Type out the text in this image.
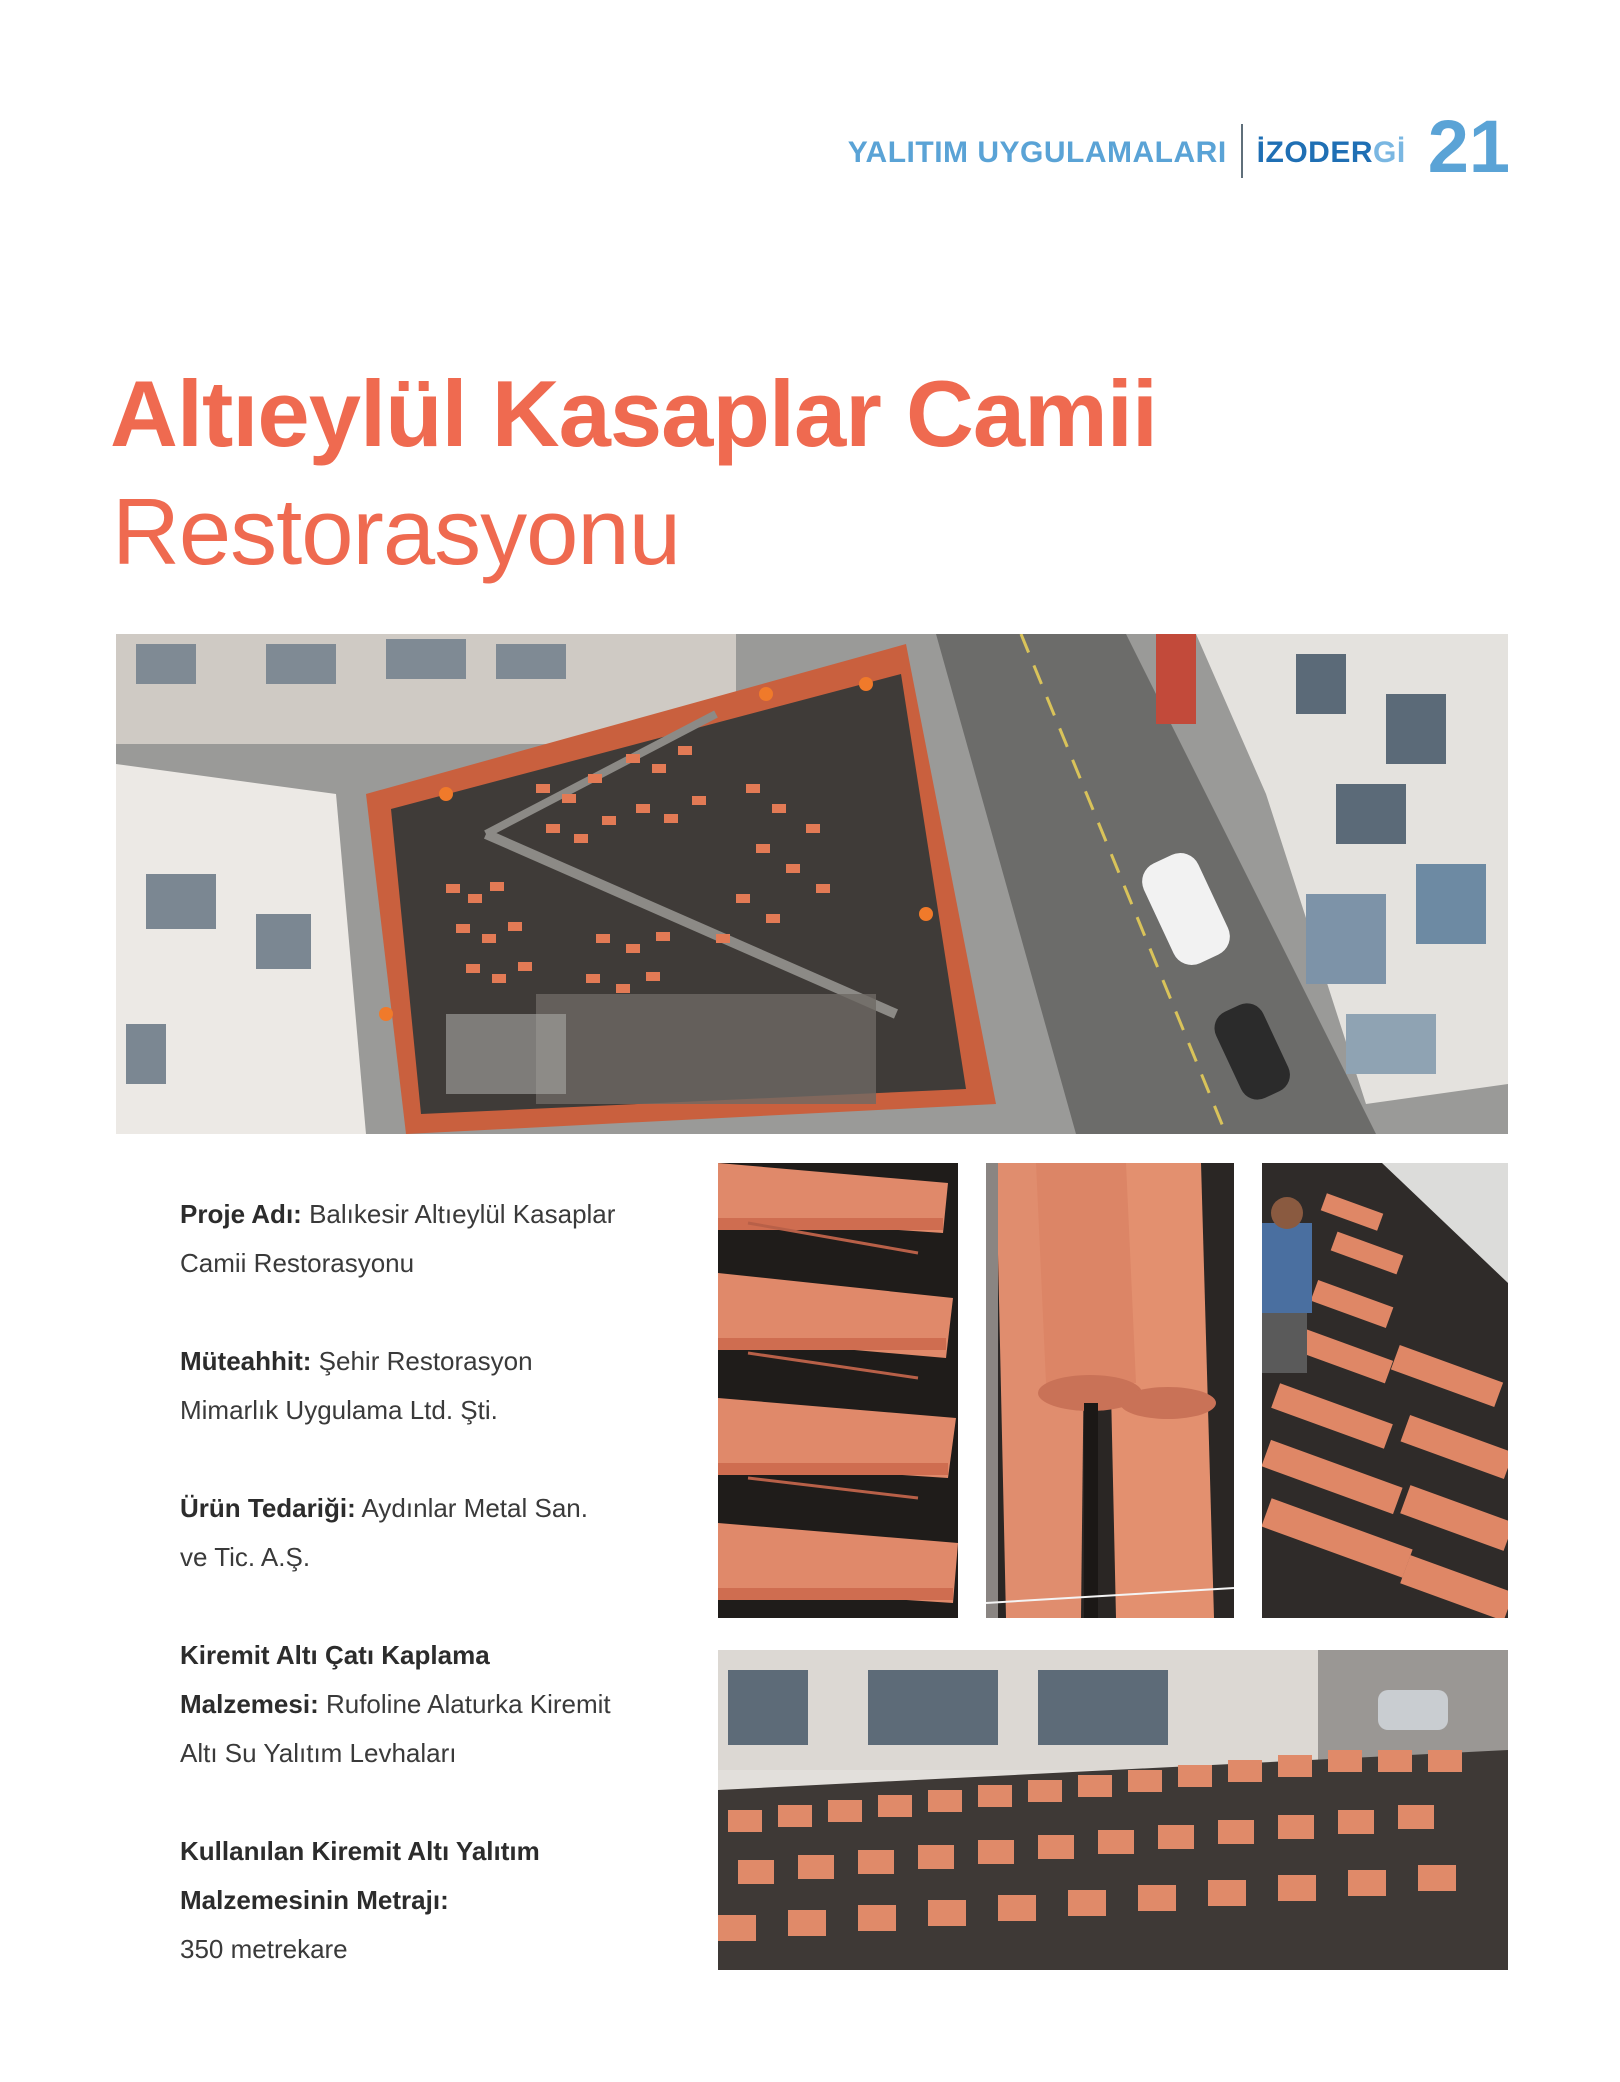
YALITIM UYGULAMALARI İZODERGİ 21
Altıeylül Kasaplar Camii
Restorasyonu

Proje Adı: Balıkesir Altıeylül Kasaplar
Camii Restorasyonu

Müteahhit: Şehir Restorasyon
Mimarlık Uygulama Ltd. Şti.

Ürün Tedariği: Aydınlar Metal San.
ve Tic. A.Ş.

Kiremit Altı Çatı Kaplama
Malzemesi: Rufoline Alaturka Kiremit
Altı Su Yalıtım Levhaları

Kullanılan Kiremit Altı Yalıtım
Malzemesinin Metrajı:
350 metrekare
